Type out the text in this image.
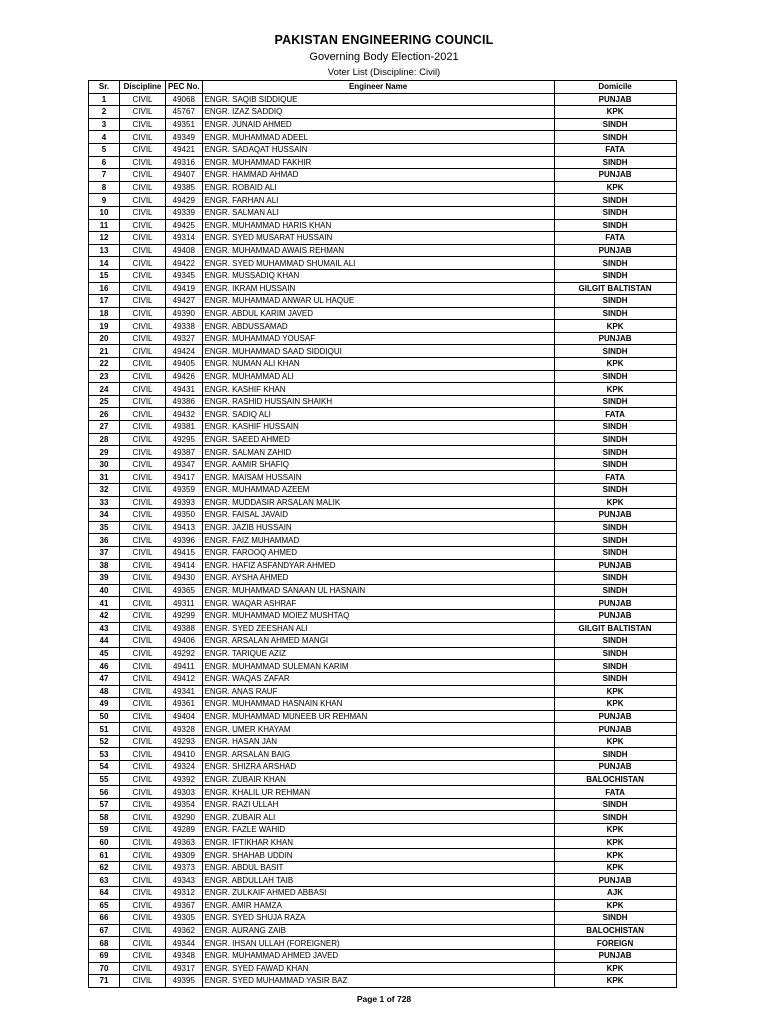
PAKISTAN ENGINEERING COUNCIL
Governing Body Election-2021
Voter List (Discipline: Civil)
Sr.	Discipline	PEC No.	Engineer Name	Domicile
1	CIVIL	49068	ENGR. SAQIB SIDDIQUE	PUNJAB
2	CIVIL	45767	ENGR. IZAZ SADDIQ	KPK
3	CIVIL	49351	ENGR. JUNAID AHMED	SINDH
4	CIVIL	49349	ENGR. MUHAMMAD ADEEL	SINDH
5	CIVIL	49421	ENGR. SADAQAT HUSSAIN	FATA
6	CIVIL	49316	ENGR. MUHAMMAD FAKHIR	SINDH
7	CIVIL	49407	ENGR. HAMMAD AHMAD	PUNJAB
8	CIVIL	49385	ENGR. ROBAID ALI	KPK
9	CIVIL	49429	ENGR. FARHAN ALI	SINDH
10	CIVIL	49339	ENGR. SALMAN ALI	SINDH
11	CIVIL	49425	ENGR. MUHAMMAD HARIS KHAN	SINDH
12	CIVIL	49314	ENGR. SYED MUSARAT HUSSAIN	FATA
13	CIVIL	49408	ENGR. MUHAMMAD AWAIS REHMAN	PUNJAB
14	CIVIL	49422	ENGR. SYED MUHAMMAD SHUMAIL ALI	SINDH
15	CIVIL	49345	ENGR. MUSSADIQ KHAN	SINDH
16	CIVIL	49419	ENGR. IKRAM HUSSAIN	GILGIT BALTISTAN
17	CIVIL	49427	ENGR. MUHAMMAD ANWAR UL HAQUE	SINDH
18	CIVIL	49390	ENGR. ABDUL KARIM JAVED	SINDH
19	CIVIL	49338	ENGR. ABDUSSAMAD	KPK
20	CIVIL	49327	ENGR. MUHAMMAD YOUSAF	PUNJAB
21	CIVIL	49424	ENGR. MUHAMMAD SAAD SIDDIQUI	SINDH
22	CIVIL	49405	ENGR. NUMAN ALI KHAN	KPK
23	CIVIL	49426	ENGR. MUHAMMAD ALI	SINDH
24	CIVIL	49431	ENGR. KASHIF KHAN	KPK
25	CIVIL	49386	ENGR. RASHID HUSSAIN SHAIKH	SINDH
26	CIVIL	49432	ENGR. SADIQ ALI	FATA
27	CIVIL	49381	ENGR. KASHIF HUSSAIN	SINDH
28	CIVIL	49295	ENGR. SAEED AHMED	SINDH
29	CIVIL	49387	ENGR. SALMAN ZAHID	SINDH
30	CIVIL	49347	ENGR. AAMIR SHAFIQ	SINDH
31	CIVIL	49417	ENGR. MAISAM HUSSAIN	FATA
32	CIVIL	49359	ENGR. MUHAMMAD AZEEM	SINDH
33	CIVIL	49393	ENGR. MUDDASIR ARSALAN MALIK	KPK
34	CIVIL	49350	ENGR. FAISAL JAVAID	PUNJAB
35	CIVIL	49413	ENGR. JAZIB HUSSAIN	SINDH
36	CIVIL	49396	ENGR. FAIZ MUHAMMAD	SINDH
37	CIVIL	49415	ENGR. FAROOQ AHMED	SINDH
38	CIVIL	49414	ENGR. HAFIZ ASFANDYAR AHMED	PUNJAB
39	CIVIL	49430	ENGR. AYSHA AHMED	SINDH
40	CIVIL	49365	ENGR. MUHAMMAD SANAAN UL HASNAIN	SINDH
41	CIVIL	49311	ENGR. WAQAR ASHRAF	PUNJAB
42	CIVIL	49299	ENGR. MUHAMMAD MOIEZ MUSHTAQ	PUNJAB
43	CIVIL	49388	ENGR. SYED ZEESHAN ALI	GILGIT BALTISTAN
44	CIVIL	49406	ENGR. ARSALAN AHMED MANGI	SINDH
45	CIVIL	49292	ENGR. TARIQUE AZIZ	SINDH
46	CIVIL	49411	ENGR. MUHAMMAD SULEMAN KARIM	SINDH
47	CIVIL	49412	ENGR. WAQAS ZAFAR	SINDH
48	CIVIL	49341	ENGR. ANAS RAUF	KPK
49	CIVIL	49361	ENGR. MUHAMMAD HASNAIN KHAN	KPK
50	CIVIL	49404	ENGR. MUHAMMAD MUNEEB UR REHMAN	PUNJAB
51	CIVIL	49328	ENGR. UMER KHAYAM	PUNJAB
52	CIVIL	49293	ENGR. HASAN JAN	KPK
53	CIVIL	49410	ENGR. ARSALAN BAIG	SINDH
54	CIVIL	49324	ENGR. SHIZRA ARSHAD	PUNJAB
55	CIVIL	49392	ENGR. ZUBAIR KHAN	BALOCHISTAN
56	CIVIL	49303	ENGR. KHALIL UR REHMAN	FATA
57	CIVIL	49354	ENGR. RAZI ULLAH	SINDH
58	CIVIL	49290	ENGR. ZUBAIR ALI	SINDH
59	CIVIL	49289	ENGR. FAZLE WAHID	KPK
60	CIVIL	49363	ENGR. IFTIKHAR KHAN	KPK
61	CIVIL	49309	ENGR. SHAHAB UDDIN	KPK
62	CIVIL	49373	ENGR. ABDUL BASIT	KPK
63	CIVIL	49343	ENGR. ABDULLAH TAIB	PUNJAB
64	CIVIL	49312	ENGR. ZULKAIF AHMED ABBASI	AJK
65	CIVIL	49367	ENGR. AMIR HAMZA	KPK
66	CIVIL	49305	ENGR. SYED SHUJA RAZA	SINDH
67	CIVIL	49362	ENGR. AURANG ZAIB	BALOCHISTAN
68	CIVIL	49344	ENGR. IHSAN ULLAH (FOREIGNER)	FOREIGN
69	CIVIL	49348	ENGR. MUHAMMAD AHMED JAVED	PUNJAB
70	CIVIL	49317	ENGR. SYED FAWAD KHAN	KPK
71	CIVIL	49395	ENGR. SYED MUHAMMAD YASIR BAZ	KPK
Page 1 of 728
